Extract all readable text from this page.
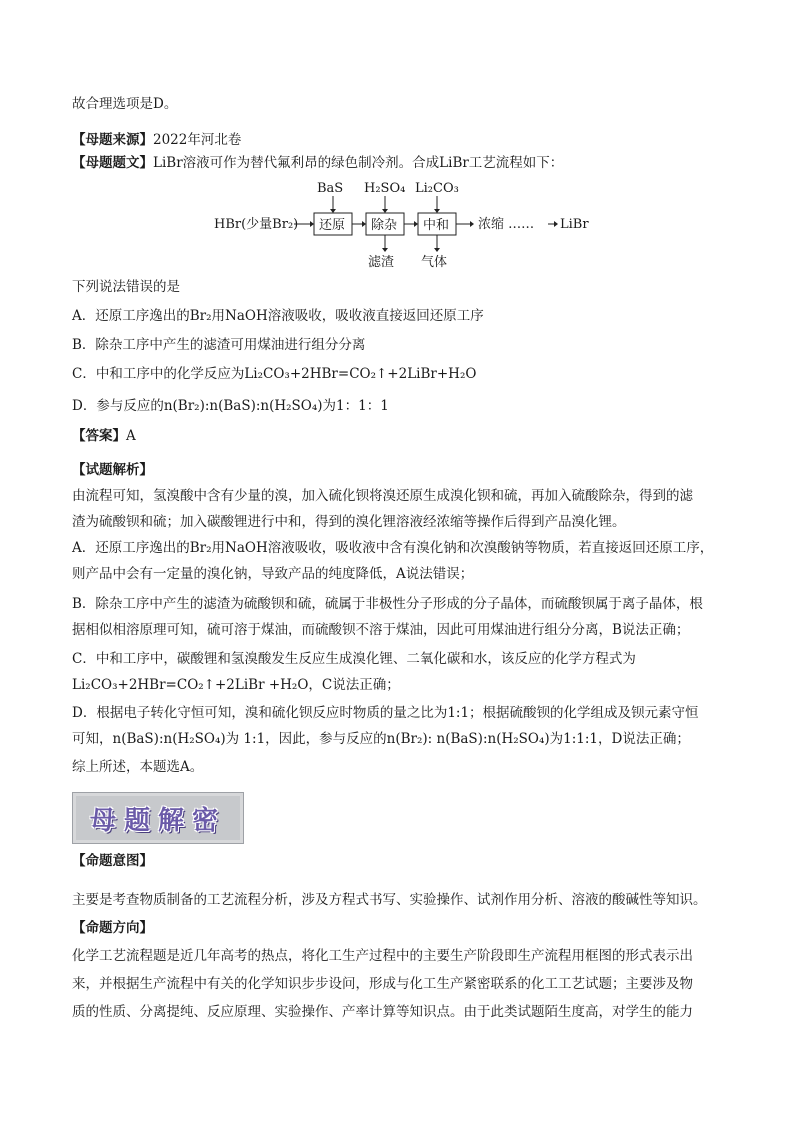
故合理选项是D。
【母题来源】2022年河北卷
【母题题文】LiBr溶液可作为替代氟利昂的绿色制冷剂。合成LiBr工艺流程如下：
HBr(少量Br₂) 还原 除杂 中和 浓缩 …… LiBr
BaS H₂SO₄ Li₂CO₃
滤渣 气体
下列说法错误的是
A．还原工序逸出的Br₂用NaOH溶液吸收，吸收液直接返回还原工序
B．除杂工序中产生的滤渣可用煤油进行组分分离
C．中和工序中的化学反应为Li₂CO₃+2HBr=CO₂↑+2LiBr+H₂O
D．参与反应的n(Br₂):n(BaS):n(H₂SO₄)为1：1：1
【答案】A
【试题解析】
由流程可知，氢溴酸中含有少量的溴，加入硫化钡将溴还原生成溴化钡和硫，再加入硫酸除杂，得到的滤
渣为硫酸钡和硫；加入碳酸锂进行中和，得到的溴化锂溶液经浓缩等操作后得到产品溴化锂。
A．还原工序逸出的Br₂用NaOH溶液吸收，吸收液中含有溴化钠和次溴酸钠等物质，若直接返回还原工序，
则产品中会有一定量的溴化钠，导致产品的纯度降低，A说法错误；
B．除杂工序中产生的滤渣为硫酸钡和硫，硫属于非极性分子形成的分子晶体，而硫酸钡属于离子晶体，根
据相似相溶原理可知，硫可溶于煤油，而硫酸钡不溶于煤油，因此可用煤油进行组分分离，B说法正确；
C．中和工序中，碳酸锂和氢溴酸发生反应生成溴化锂、二氧化碳和水，该反应的化学方程式为
Li₂CO₃+2HBr=CO₂↑+2LiBr +H₂O，C说法正确；
D．根据电子转化守恒可知，溴和硫化钡反应时物质的量之比为1:1；根据硫酸钡的化学组成及钡元素守恒
可知，n(BaS):n(H₂SO₄)为 1:1，因此，参与反应的n(Br₂): n(BaS):n(H₂SO₄)为1:1:1，D说法正确；
综上所述，本题选A。
母题解密
【命题意图】
主要是考查物质制备的工艺流程分析，涉及方程式书写、实验操作、试剂作用分析、溶液的酸碱性等知识。
【命题方向】
化学工艺流程题是近几年高考的热点，将化工生产过程中的主要生产阶段即生产流程用框图的形式表示出
来，并根据生产流程中有关的化学知识步步设问，形成与化工生产紧密联系的化工工艺试题；主要涉及物
质的性质、分离提纯、反应原理、实验操作、产率计算等知识点。由于此类试题陌生度高，对学生的能力
